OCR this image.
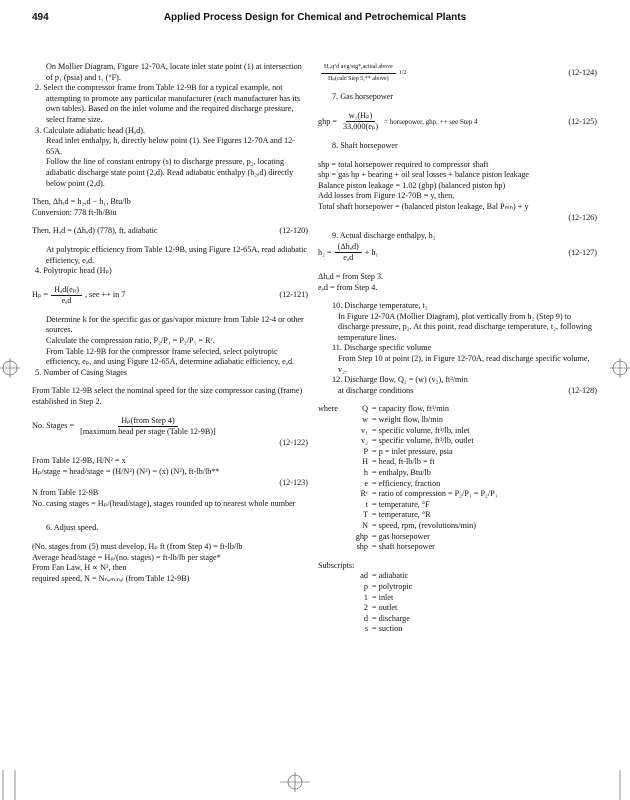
494	Applied Process Design for Chemical and Petrochemical Plants

On Mollier Diagram, Figure 12-70A, locate inlet state point (1) at intersection of p₁ (psia) and t₁ (°F).

2. Select the compressor frame from Table 12-9B for a typical example, not attempting to promote any particular manufacturer (each manufacturer has its own tables). Based on the inlet volume and the required discharge pressure, select frame size.

3. Calculate adiabatic head (Hₐd).

Read inlet enthalpy, h, directly below point (1). See Figures 12-70A and 12-65A.

Follow the line of constant entropy (s) to discharge pressure, p₂, locating adiabatic discharge state point (2ₐd). Read adiabatic enthalpy (h₂ₐd) directly below point (2ₐd).

Then, Δhₐd = h₂ₐd − h₁, Btu/lb

Conversion: 778 ft-lb/Btu

Then, Hₐd = (Δhₐd) (778), ft, adiabatic	(12-120)

At polytropic efficiency from Table 12-9B, using Figure 12-65A, read adiabatic efficiency, eₐd.

4. Polytropic head (Hₚ)

$H_p = \frac{\text{Hₐd(eₚ)}}{\text{eₐd}}$ , see ++ in 7	(12-121)

Determine k for the specific gas or gas/vapor mixture from Table 12-4 or other sources.

Calculate the compression ratio, P₂/P₁ = P₂/P₁ = Rᶜ.

From Table 12-9B for the compressor frame selected, select polytropic efficiency, eₚ, and using Figure 12-65A, determine adiabatic efficiency, eₐd.

5. Number of Casing Stages

From Table 12-9B select the nominal speed for the size compressor casing (frame) established in Step 2.

No. Stages = $\frac{\text{Hₚ(from Step 4)}}{\text{[maximum head per stage (Table 12-9B)]}}$
(12-122)

From Table 12-9B, H/N² = x

Hₚ/stage = head/stage = (H/N²) (N²) = (x) (N²), ft-lb/lb**

(12-123)

N from Table 12-9B

No. casing stages = Hₚ/(head/stage), stages rounded up to nearest whole number

6. Adjust speed.

(No. stages from (5) must develop, Hₚ ft (from Step 4) = ft-lb/lb

Average head/stage = Hₚ/(no. stages) = ft-lb/lb per stage*

From Fan Law, H ∝ N², then

required speed, N = Nₙₒₘᵢₙₐₗ (from Table 12-9B)

$\frac{\text{Hᵣₑq’d avg/stg*,actual above}}{\text{Hₚ(calc Step 5,** above)}} 1/2$	(12-124)

7. Gas horsepower

ghp = $\frac{\text{w₁(Hₚ)}}{\text{33,000(eₚ)}}$ = horsepower, ghp, ++ see Step 4	(12-125)

8. Shaft horsepower

shp = total horsepower required to compressor shaft

shp = gas hp + bearing + oil seal losses + balance piston leakage

Balance piston leakage = 1.02 (gbp) (balanced piston hp)

Add losses from Figure 12-70B = y, then,

Total shaft horsepower = (balanced piston leakage, Bal Pₘₕ) + y

(12-126)

9. Actual discharge enthalpy, h₂

$h_2 = \frac{\text{(Δhₐd)}}{\text{eₐd}} + h_1$	(12-127)

Δhₐd = from Step 3.

eₐd = from Step 4.

10. Discharge temperature, t₂

In Figure 12-70A (Mollier Diagram), plot vertically from h₂ (Step 9) to discharge pressure, p₂. At this point, read discharge temperature, t₂, following temperature lines.

11. Discharge specific volume

From Step 10 at point (2), in Figure 12-70A, read discharge specific volume, v₂.

12. Discharge flow, Q₂ = (w) (v₂), ft³/min

at discharge conditions	(12-128)
where	Q	= capacity flow, ft³/min
	w	= weight flow, lb/min
	v₁	= specific volume, ft³/lb, inlet
	v₂	= specific volume, ft³/lb, outlet
	P	= p = inlet pressure, psia
	H	= head, ft-lb/lb = ft
	h	= enthalpy, Btu/lb
	e	= efficiency, fraction
	Rᶜ	= ratio of compression = P₂/P₁ = P₂/P₁
	t	= temperature, °F
	T	= temperature, °R
	N	= speed, rpm, (revolutions/min)
	ghp	= gas horsepower
	shp	= shaft horsepower

Subscripts:

	ad	= adiabatic
	p	= polytropic
	1	= inlet
	2	= outlet
	d	= discharge
	s	= suction
